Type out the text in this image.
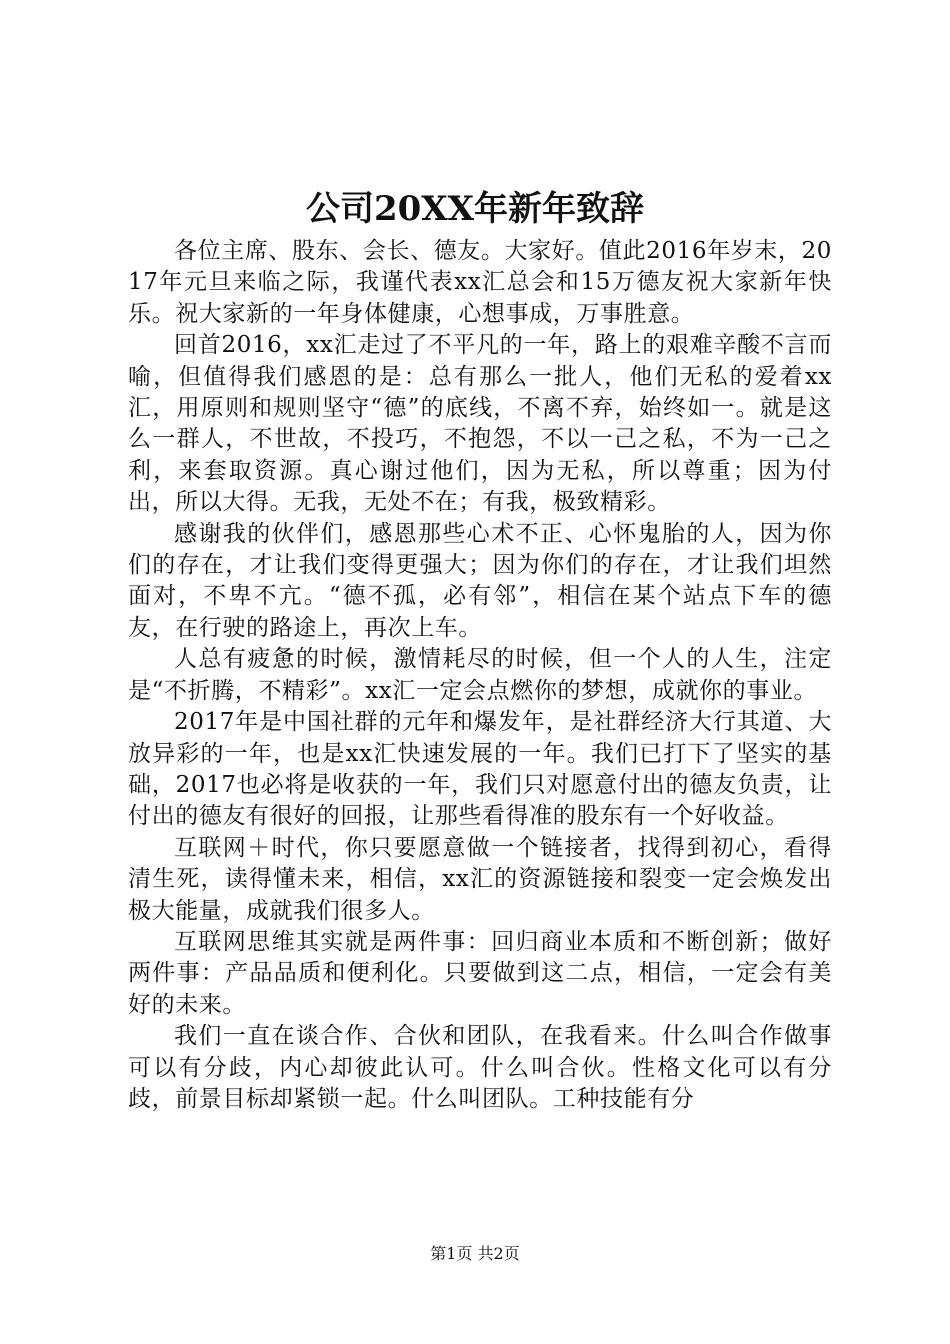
公司20XX年新年致辞

各位主席、股东、会长、德友。大家好。值此2016年岁末，2017年元旦来临之际，我谨代表xx汇总会和15万德友祝大家新年快乐。祝大家新的一年身体健康，心想事成，万事胜意。

回首2016，xx汇走过了不平凡的一年，路上的艰难辛酸不言而喻，但值得我们感恩的是：总有那么一批人，他们无私的爱着xx汇，用原则和规则坚守“德”的底线，不离不弃，始终如一。就是这么一群人，不世故，不投巧，不抱怨，不以一己之私，不为一己之利，来套取资源。真心谢过他们，因为无私，所以尊重；因为付出，所以大得。无我，无处不在；有我，极致精彩。

感谢我的伙伴们，感恩那些心术不正、心怀鬼胎的人，因为你们的存在，才让我们变得更强大；因为你们的存在，才让我们坦然面对，不卑不亢。“德不孤，必有邻”，相信在某个站点下车的德友，在行驶的路途上，再次上车。

人总有疲惫的时候，激情耗尽的时候，但一个人的人生，注定是“不折腾，不精彩”。xx汇一定会点燃你的梦想，成就你的事业。

2017年是中国社群的元年和爆发年，是社群经济大行其道、大放异彩的一年，也是xx汇快速发展的一年。我们已打下了坚实的基础，2017也必将是收获的一年，我们只对愿意付出的德友负责，让付出的德友有很好的回报，让那些看得准的股东有一个好收益。

互联网＋时代，你只要愿意做一个链接者，找得到初心，看得清生死，读得懂未来，相信，xx汇的资源链接和裂变一定会焕发出极大能量，成就我们很多人。

互联网思维其实就是两件事：回归商业本质和不断创新；做好两件事：产品品质和便利化。只要做到这二点，相信，一定会有美好的未来。

我们一直在谈合作、合伙和团队，在我看来。什么叫合作做事可以有分歧，内心却彼此认可。什么叫合伙。性格文化可以有分歧，前景目标却紧锁一起。什么叫团队。工种技能有分

第1页 共2页
